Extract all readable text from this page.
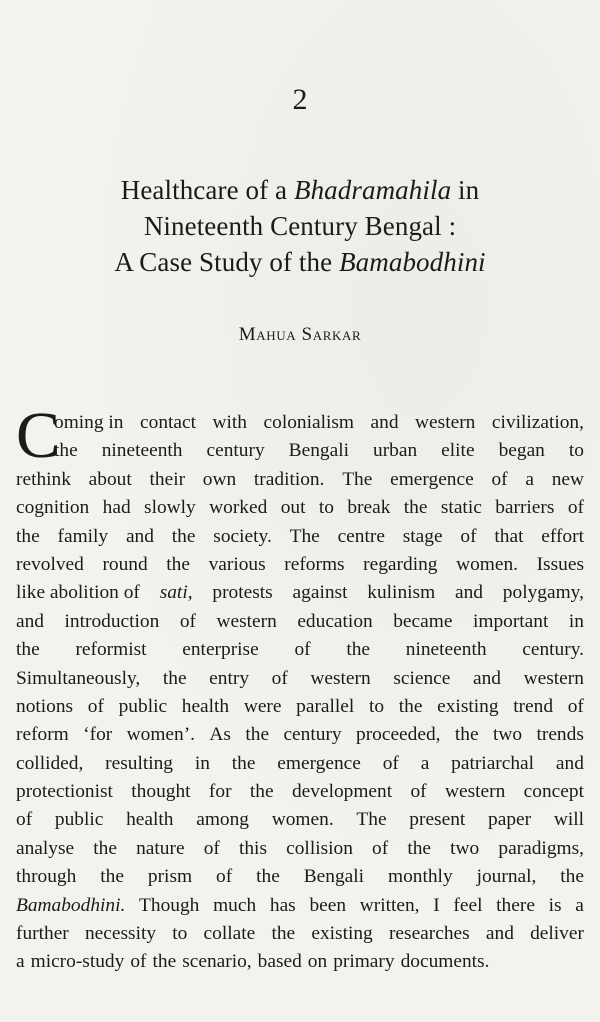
2
Healthcare of a Bhadramahila in
Nineteenth Century Bengal :
A Case Study of the Bamabodhini
Mahua Sarkar
C
oming in contact with colonialism and western civilization,
the nineteenth century Bengali urban elite began to
rethink about their own tradition. The emergence of a new
cognition had slowly worked out to break the static barriers of
the family and the society. The centre stage of that effort
revolved round the various reforms regarding women. Issues
like abolition of sati, protests against kulinism and polygamy,
and introduction of western education became important in
the reformist enterprise of the nineteenth century.
Simultaneously, the entry of western science and western
notions of public health were parallel to the existing trend of
reform ‘for women’. As the century proceeded, the two trends
collided, resulting in the emergence of a patriarchal and
protectionist thought for the development of western concept
of public health among women. The present paper will
analyse the nature of this collision of the two paradigms,
through the prism of the Bengali monthly journal, the
Bamabodhini. Though much has been written, I feel there is a
further necessity to collate the existing researches and deliver
a micro-study of the scenario, based on primary documents.
